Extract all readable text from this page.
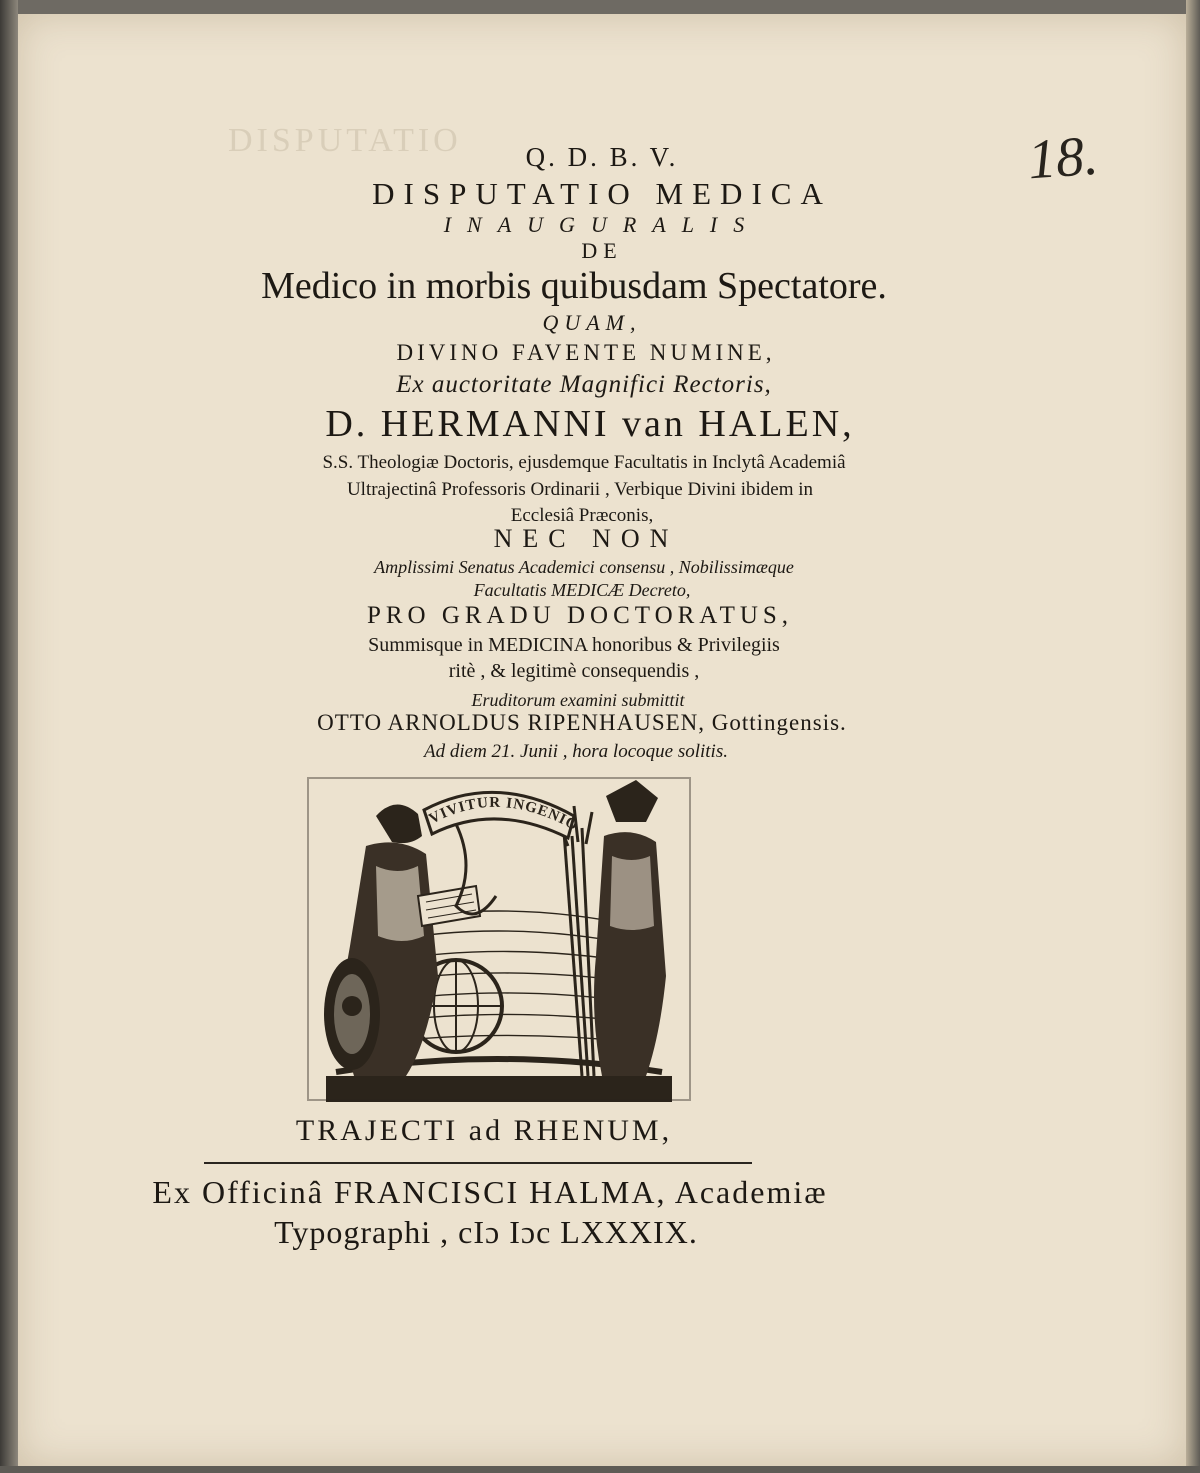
DISPUTATIO	18.
Q. D. B. V.
DISPUTATIO MEDICA
INAUGURALIS
DE
Medico in morbis quibusdam Spectatore.
QUAM,
DIVINO FAVENTE NUMINE,
Ex auctoritate Magnifici Rectoris,
D. HERMANNI van HALEN,
S.S. Theologiæ Doctoris, ejusdemque Facultatis in Inclytâ Academiâ
Ultrajectinâ Professoris Ordinarii , Verbique Divini ibidem in
Ecclesiâ Præconis,
NEC NON
Amplissimi Senatus Academici consensu , Nobilissimæque
Facultatis MEDICÆ Decreto,
PRO GRADU DOCTORATUS,
Summisque in MEDICINA honoribus & Privilegiis
ritè , & legitimè consequendis ,
Eruditorum examini submittit
OTTO ARNOLDUS RIPENHAUSEN, Gottingensis.
Ad diem 21. Junii , hora locoque solitis.
VIVITUR INGENIO
TRAJECTI ad RHENUM,
Ex Officinâ FRANCISCI HALMA, Academiæ
Typographi , cIɔ Iɔc LXXXIX.
